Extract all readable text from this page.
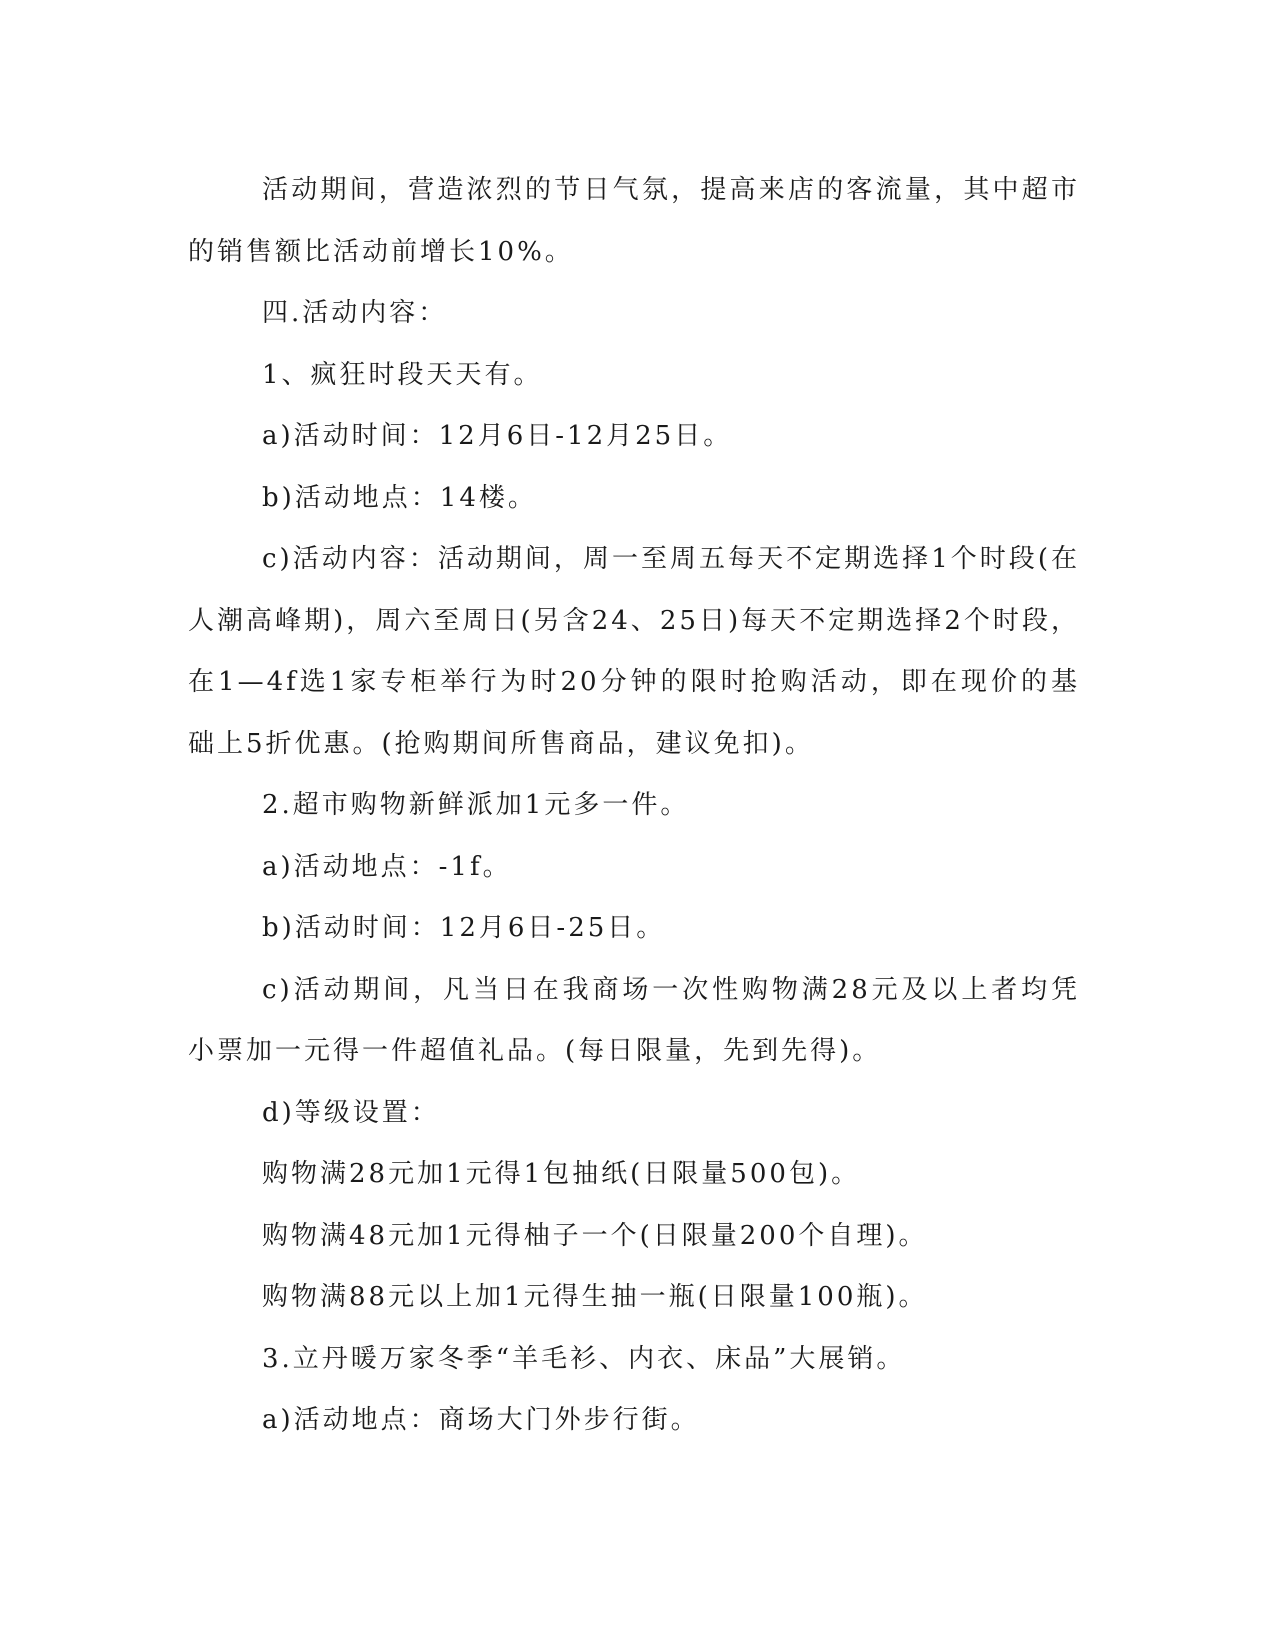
活动期间，营造浓烈的节日气氛，提高来店的客流量，其中超市的销售额比活动前增长10%。

四.活动内容：

1、疯狂时段天天有。

a)活动时间：12月6日-12月25日。

b)活动地点：14楼。

c)活动内容：活动期间，周一至周五每天不定期选择1个时段(在人潮高峰期)，周六至周日(另含24、25日)每天不定期选择2个时段，在1—4f选1家专柜举行为时20分钟的限时抢购活动，即在现价的基础上5折优惠。(抢购期间所售商品，建议免扣)。

2.超市购物新鲜派加1元多一件。

a)活动地点：-1f。

b)活动时间：12月6日-25日。

c)活动期间，凡当日在我商场一次性购物满28元及以上者均凭小票加一元得一件超值礼品。(每日限量，先到先得)。

d)等级设置：

购物满28元加1元得1包抽纸(日限量500包)。

购物满48元加1元得柚子一个(日限量200个自理)。

购物满88元以上加1元得生抽一瓶(日限量100瓶)。

3.立丹暖万家冬季“羊毛衫、内衣、床品”大展销。

a)活动地点：商场大门外步行街。
